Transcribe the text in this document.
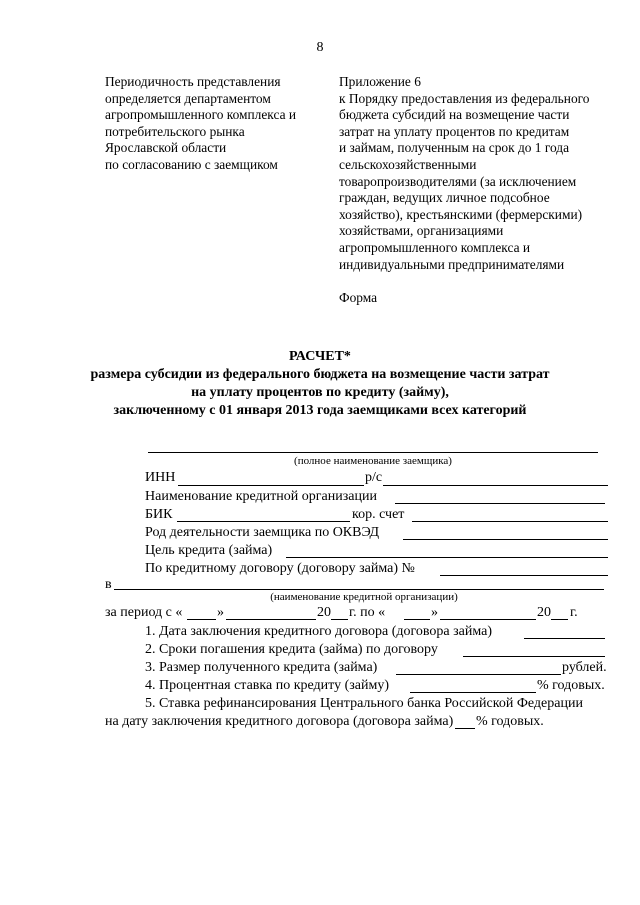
8
Периодичность представления
определяется департаментом
агропромышленного комплекса и
потребительского рынка
Ярославской области
по согласованию с заемщиком
Приложение 6
к Порядку предоставления из федерального
бюджета субсидий на возмещение части
затрат на уплату процентов по кредитам
и займам, полученным на срок до 1 года
сельскохозяйственными
товаропроизводителями (за исключением
граждан, ведущих личное подсобное
хозяйство), крестьянскими (фермерскими)
хозяйствами, организациями
агропромышленного комплекса и
индивидуальными предпринимателями
Форма
РАСЧЕТ*
размера субсидии из федерального бюджета на возмещение части затрат
на уплату процентов по кредиту (займу),
заключенному с 01 января 2013 года заемщиками всех категорий
(полное наименование заемщика)
ИНН	р/с
Наименование кредитной организации
БИК	кор. счет
Род деятельности заемщика по ОКВЭД
Цель кредита (займа)
По кредитному договору (договору займа) №
в
(наименование кредитной организации)
за период с « »	20 г. по «	»	20 г.
1. Дата заключения кредитного договора (договора займа)
2. Сроки погашения кредита (займа) по договору
3. Размер полученного кредита (займа)	рублей.
4. Процентная ставка по кредиту (займу)	% годовых.
5. Ставка рефинансирования Центрального банка Российской Федерации
на дату заключения кредитного договора (договора займа) % годовых.
